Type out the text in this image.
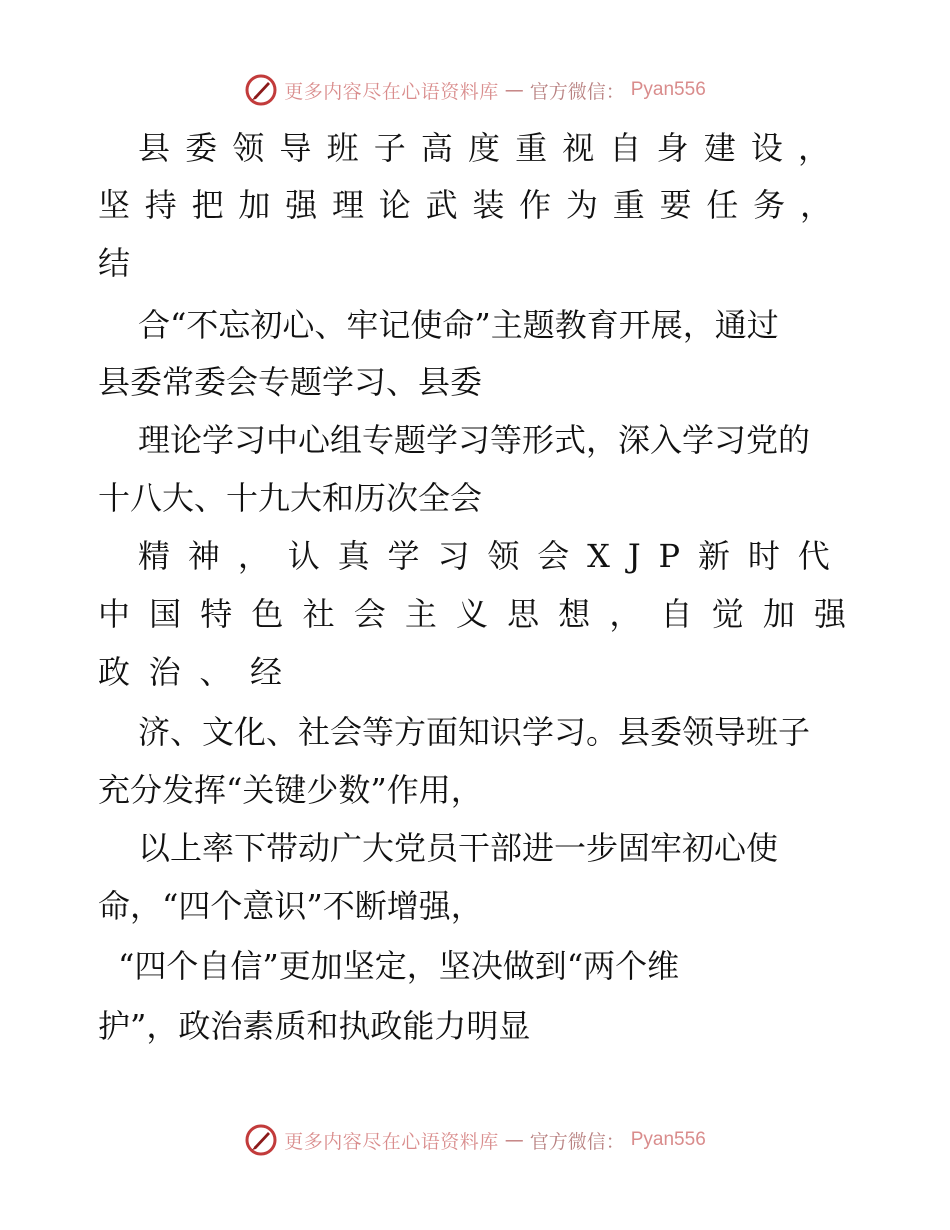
更多内容尽在心语资料库 — 官方微信： Pyan556
县 委 领 导 班 子 高 度 重 视 自 身 建 设 ，
坚 持 把 加 强 理 论 武 装 作 为 重 要 任 务 ，
结
合“不忘初心、牢记使命”主题教育开展，通过
县委常委会专题学习、县委
理论学习中心组专题学习等形式，深入学习党的
十八大、十九大和历次全会
精 神 ， 认 真 学 习 领 会 X J P 新 时 代
中 国 特 色 社 会 主 义 思 想 ， 自 觉 加 强
政 治 、 经
济、文化、社会等方面知识学习。县委领导班子
充分发挥“关键少数”作用，
以上率下带动广大党员干部进一步固牢初心使
命，“四个意识”不断增强，
“四个自信”更加坚定，坚决做到“两个维
护”，政治素质和执政能力明显
更多内容尽在心语资料库 — 官方微信： Pyan556
